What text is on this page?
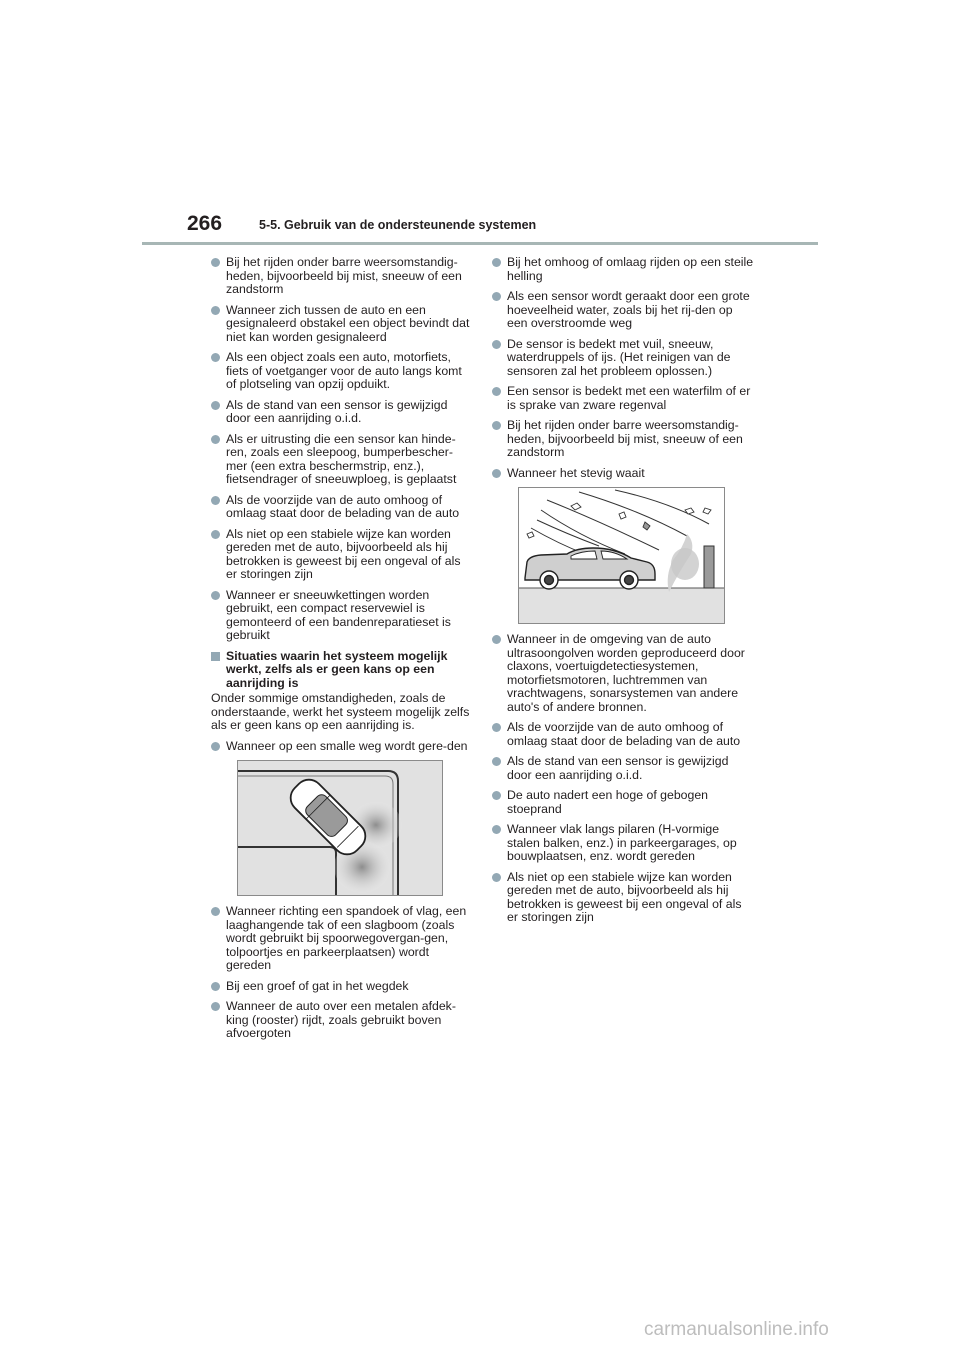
266	5-5. Gebruik van de ondersteunende systemen
Bij het rijden onder barre weersomstandig-heden, bijvoorbeeld bij mist, sneeuw of een zandstorm
Wanneer zich tussen de auto en een gesignaleerd obstakel een object bevindt dat niet kan worden gesignaleerd
Als een object zoals een auto, motorfiets, fiets of voetganger voor de auto langs komt of plotseling van opzij opduikt.
Als de stand van een sensor is gewijzigd door een aanrijding o.i.d.
Als er uitrusting die een sensor kan hinde-ren, zoals een sleepoog, bumperbescher-mer (een extra beschermstrip, enz.), fietsendrager of sneeuwploeg, is geplaatst
Als de voorzijde van de auto omhoog of omlaag staat door de belading van de auto
Als niet op een stabiele wijze kan worden gereden met de auto, bijvoorbeeld als hij betrokken is geweest bij een ongeval of als er storingen zijn
Wanneer er sneeuwkettingen worden gebruikt, een compact reservewiel is gemonteerd of een bandenreparatieset is gebruikt
Situaties waarin het systeem mogelijk werkt, zelfs als er geen kans op een aanrijding is
Onder sommige omstandigheden, zoals de onderstaande, werkt het systeem mogelijk zelfs als er geen kans op een aanrijding is.
Wanneer op een smalle weg wordt gere-den
Wanneer richting een spandoek of vlag, een laaghangende tak of een slagboom (zoals wordt gebruikt bij spoorwegovergan-gen, tolpoortjes en parkeerplaatsen) wordt gereden
Bij een groef of gat in het wegdek
Wanneer de auto over een metalen afdek-king (rooster) rijdt, zoals gebruikt boven afvoergoten
Bij het omhoog of omlaag rijden op een steile helling
Als een sensor wordt geraakt door een grote hoeveelheid water, zoals bij het rij-den op een overstroomde weg
De sensor is bedekt met vuil, sneeuw, waterdruppels of ijs. (Het reinigen van de sensoren zal het probleem oplossen.)
Een sensor is bedekt met een waterfilm of er is sprake van zware regenval
Bij het rijden onder barre weersomstandig-heden, bijvoorbeeld bij mist, sneeuw of een zandstorm
Wanneer het stevig waait
Wanneer in de omgeving van de auto ultrasoongolven worden geproduceerd door claxons, voertuigdetectiesystemen, motorfietsmotoren, luchtremmen van vrachtwagens, sonarsystemen van andere auto's of andere bronnen.
Als de voorzijde van de auto omhoog of omlaag staat door de belading van de auto
Als de stand van een sensor is gewijzigd door een aanrijding o.i.d.
De auto nadert een hoge of gebogen stoeprand
Wanneer vlak langs pilaren (H-vormige stalen balken, enz.) in parkeergarages, op bouwplaatsen, enz. wordt gereden
Als niet op een stabiele wijze kan worden gereden met de auto, bijvoorbeeld als hij betrokken is geweest bij een ongeval of als er storingen zijn
carmanualsonline.info
